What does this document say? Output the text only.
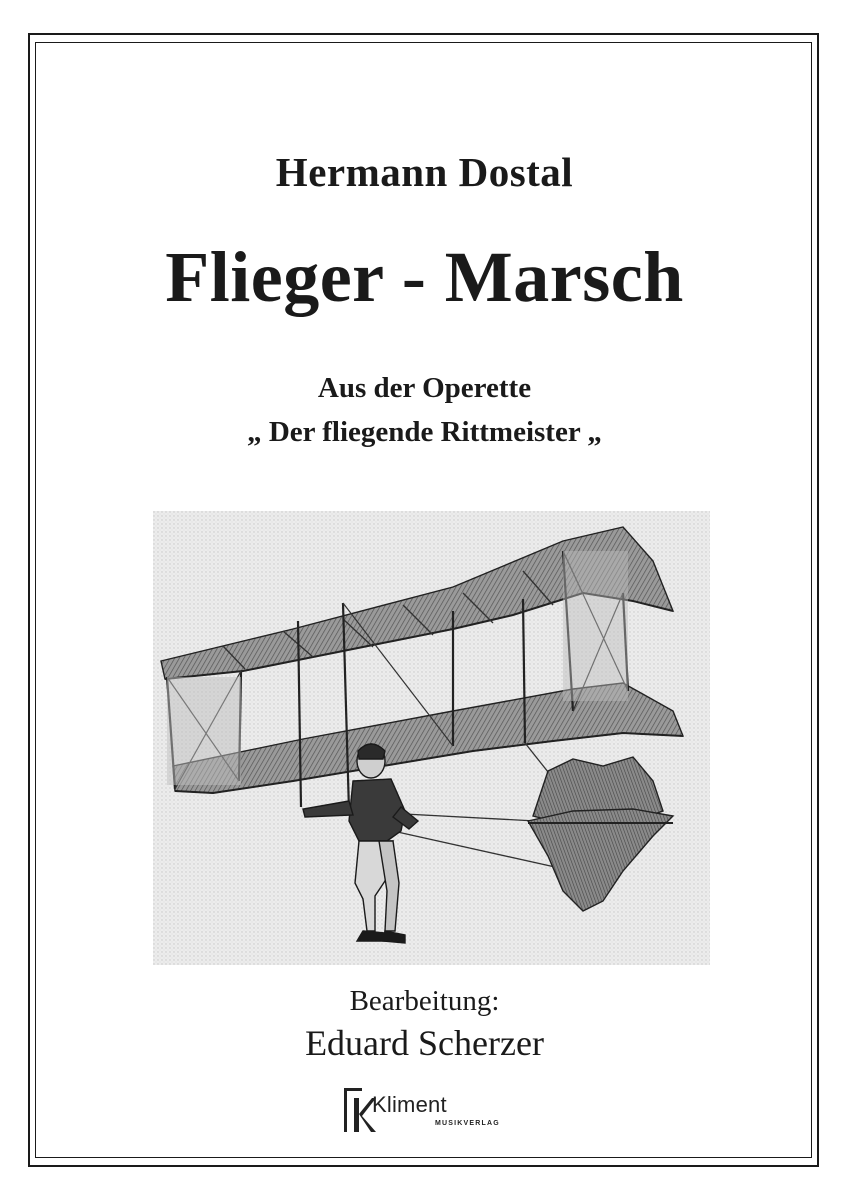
Hermann Dostal
Flieger - Marsch
Aus der Operette
„ Der fliegende Rittmeister „
Bearbeitung:
Eduard Scherzer
Kliment
MUSIKVERLAG
